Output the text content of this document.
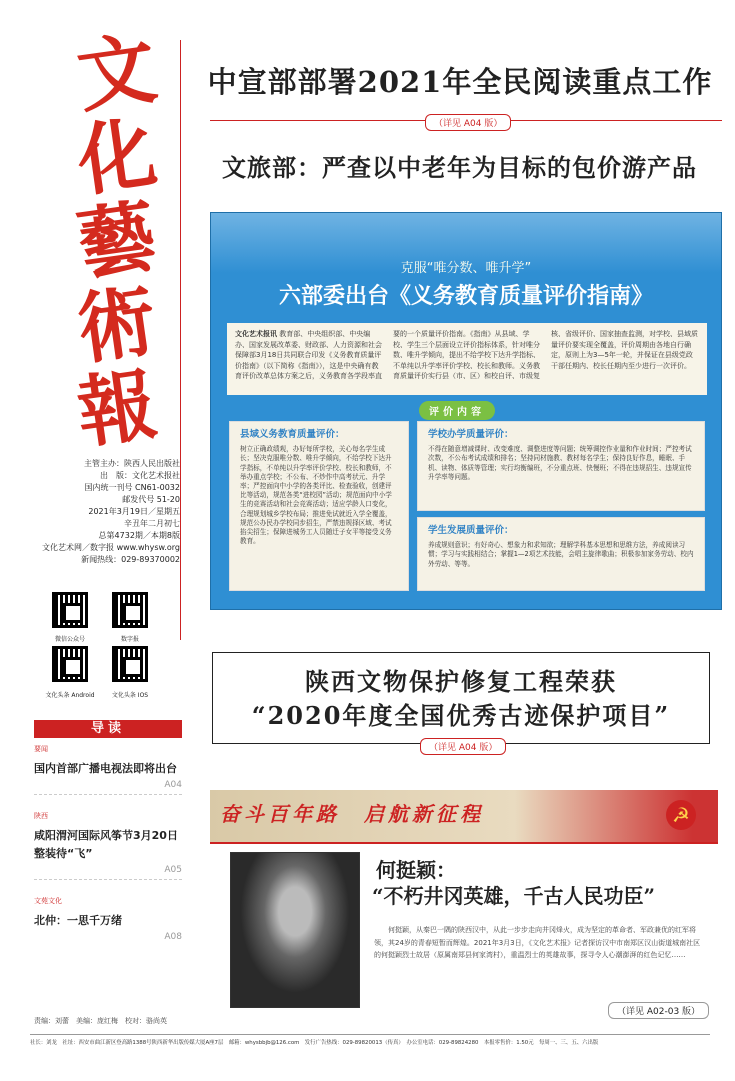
文
化
藝
術
報
主管主办：陕西人民出版社
出　版：文化艺术报社
国内统一刊号 CN61-0032
邮发代号 51-20
2021年3月19日／星期五
辛丑年二月初七
总第4732期／本期8版
文化艺术网／数字报 www.whysw.org
新闻热线：029-89370002
微信公众号	数字报
文化头条 Android	文化头条 IOS
中宣部部署2021年全民阅读重点工作
（详见 A04 版）
文旅部：严查以中老年为目标的包价游产品
克服“唯分数、唯升学”
六部委出台《义务教育质量评价指南》
文化艺术报讯 教育部、中央组织部、中央编办、国家发展改革委、财政部、人力资源和社会保障部3月18日共同联合印发《义务教育质量评价指南》（以下简称《指南》），这是中央确有教育评价改革总体方案之后，义务教育各学段率直要的一个质量评价指南。《指南》从县域、学校、学生三个层面设立评价指标体系，针对唯分数、唯升学倾向，提出不给学校下达升学指标、不单纯以升学率评价学校、校长和教师。义务教育质量评价实行县（市、区）和校自评、市级复核、省级评价、国家抽查监测，对学校、县域质量评价要实现全覆盖，评价周期由各地自行确定，原则上为3—5年一轮，并保证在县级党政干部任期内、校长任期内至少进行一次评价。
评价内容
县域义务教育质量评价：

树立正确政绩观，办好每所学校，关心每名学生成长；坚决克服唯分数、唯升学倾向，不给学校下达升学指标，不单纯以升学率评价学校、校长和教师，不举办重点学校；不公布、不炒作中高考状元、升学率；严控面向中小学的各类评比、检查验收，创建评比等活动，规范各类“进校园”活动；规范面向中小学生的竞赛活动和社会竞赛活动；适应学龄人口变化，合理规划城乡学校布局；推进免试就近入学全覆盖，规范公办民办学校同步招生，严禁违规择区域、考试掐尖招生；保障进城务工人员随迁子女平等接受义务教育。

学校办学质量评价：

不得在随意增减课时、改变难度、调整进度等问题；统筹调控作业量和作业时间；严控考试次数，不公布考试成绩和排名；坚持同材施教、教材每名学生；保持良好作息，睡眠、手机、读物、体质等管理；实行均衡编班，不分重点班、快慢班；不得在违规招生、违规宣传升学率等问题。

学生发展质量评价：

养成规则意识；有好奇心、想象力和求知欲；理解学科基本思想和思维方法，养成阅读习惯；学习与实践相结合；掌握1—2项艺术技能，会唱主旋律歌曲；积极参加家务劳动、校内外劳动、等等。

陕西文物保护修复工程荣获
“2020年度全国优秀古迹保护项目”
（详见 A04 版）
奋斗百年路　启航新征程	☭
何挺颖：
“不朽井冈英雄，千古人民功臣”
何挺颖，从秦巴一隅的陕西汉中，从此一步步走向井冈烽火，成为坚定的革命者、军政兼优的红军将领，其24岁的青春短暂而辉煌。2021年3月3日，《文化艺术报》记者探访汉中市南郑区汉山街道城南社区的何挺颖烈士故居（原属南郑县何家湾村），重温烈士的英雄故事，探寻令人心潮澎湃的红色记忆……
（详见 A02-03 版）
导读
要闻
国内首部广播电视法即将出台
A04
陕西
咸阳渭河国际风筝节3月20日整装待“飞”
A05
文苑文化
北仲：一思千万绪
A08
责编：刘蕾　美编：庞红梅　校对：骆尚英
社长：刘龙　社址：西安市曲江新区登高路1388号陕西新华出版传媒大厦A座7层　邮箱：whysbbjb@126.com　发行广告热线：029-89820013（传真）　办公室电话：029-89824280　本报零售价：1.50元　每周一、三、五、六出版
